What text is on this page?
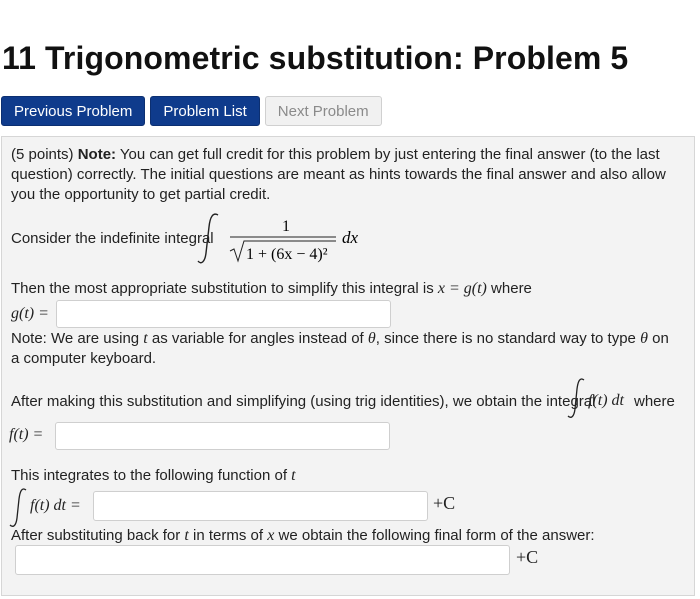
11 Trigonometric substitution: Problem 5
Previous Problem	Problem List	Next Problem
(5 points) Note: You can get full credit for this problem by just entering the final answer (to the last question) correctly. The initial questions are meant as hints towards the final answer and also allow you the opportunity to get partial credit.
Consider the indefinite integral
1
1 + (6x − 4)²
dx
Then the most appropriate substitution to simplify this integral is x = g(t) where
g(t) =
Note: We are using t as variable for angles instead of θ, since there is no standard way to type θ on a computer keyboard.
After making this substitution and simplifying (using trig identities), we obtain the integral
f(t) dt where
f(t) =
This integrates to the following function of t
f(t) dt =	+C
After substituting back for t in terms of x we obtain the following final form of the answer:
+C
